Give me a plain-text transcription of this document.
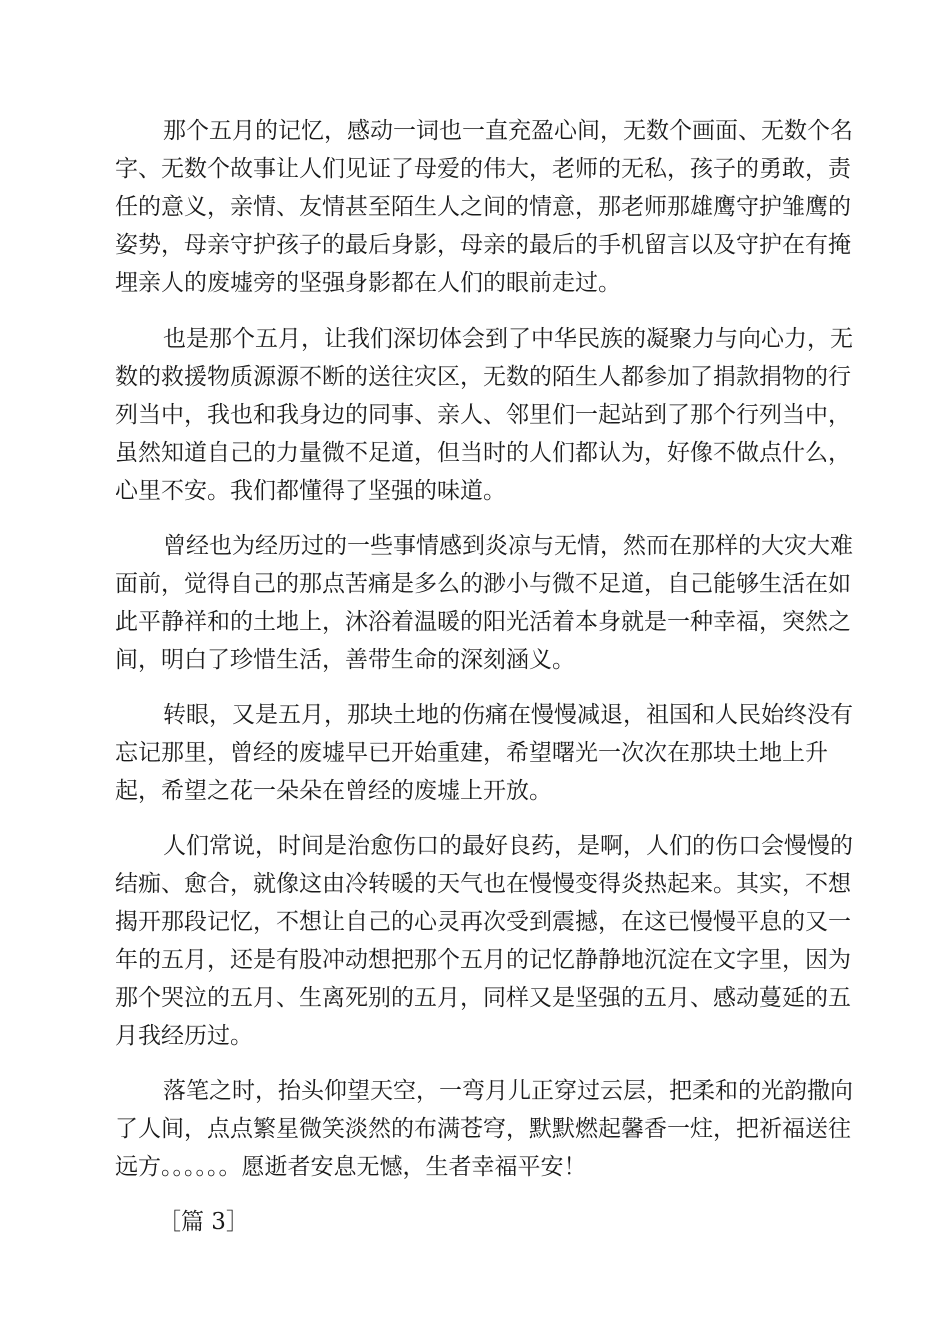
那个五月的记忆，感动一词也一直充盈心间，无数个画面、无数个名
字、无数个故事让人们见证了母爱的伟大，老师的无私，孩子的勇敢，责
任的意义，亲情、友情甚至陌生人之间的情意，那老师那雄鹰守护雏鹰的
姿势，母亲守护孩子的最后身影，母亲的最后的手机留言以及守护在有掩
埋亲人的废墟旁的坚强身影都在人们的眼前走过。
也是那个五月，让我们深切体会到了中华民族的凝聚力与向心力，无
数的救援物质源源不断的送往灾区，无数的陌生人都参加了捐款捐物的行
列当中，我也和我身边的同事、亲人、邻里们一起站到了那个行列当中，
虽然知道自己的力量微不足道，但当时的人们都认为，好像不做点什么，
心里不安。我们都懂得了坚强的味道。
曾经也为经历过的一些事情感到炎凉与无情，然而在那样的大灾大难
面前，觉得自己的那点苦痛是多么的渺小与微不足道，自己能够生活在如
此平静祥和的土地上，沐浴着温暖的阳光活着本身就是一种幸福，突然之
间，明白了珍惜生活，善带生命的深刻涵义。
转眼，又是五月，那块土地的伤痛在慢慢减退，祖国和人民始终没有
忘记那里，曾经的废墟早已开始重建，希望曙光一次次在那块土地上升
起，希望之花一朵朵在曾经的废墟上开放。
人们常说，时间是治愈伤口的最好良药，是啊，人们的伤口会慢慢的
结痂、愈合，就像这由冷转暖的天气也在慢慢变得炎热起来。其实，不想
揭开那段记忆，不想让自己的心灵再次受到震撼，在这已慢慢平息的又一
年的五月，还是有股冲动想把那个五月的记忆静静地沉淀在文字里，因为
那个哭泣的五月、生离死别的五月，同样又是坚强的五月、感动蔓延的五
月我经历过。
落笔之时，抬头仰望天空，一弯月儿正穿过云层，把柔和的光韵撒向
了人间，点点繁星微笑淡然的布满苍穹，默默燃起馨香一炷，把祈福送往
远方。。。。。。愿逝者安息无憾，生者幸福平安！
［篇 3］
